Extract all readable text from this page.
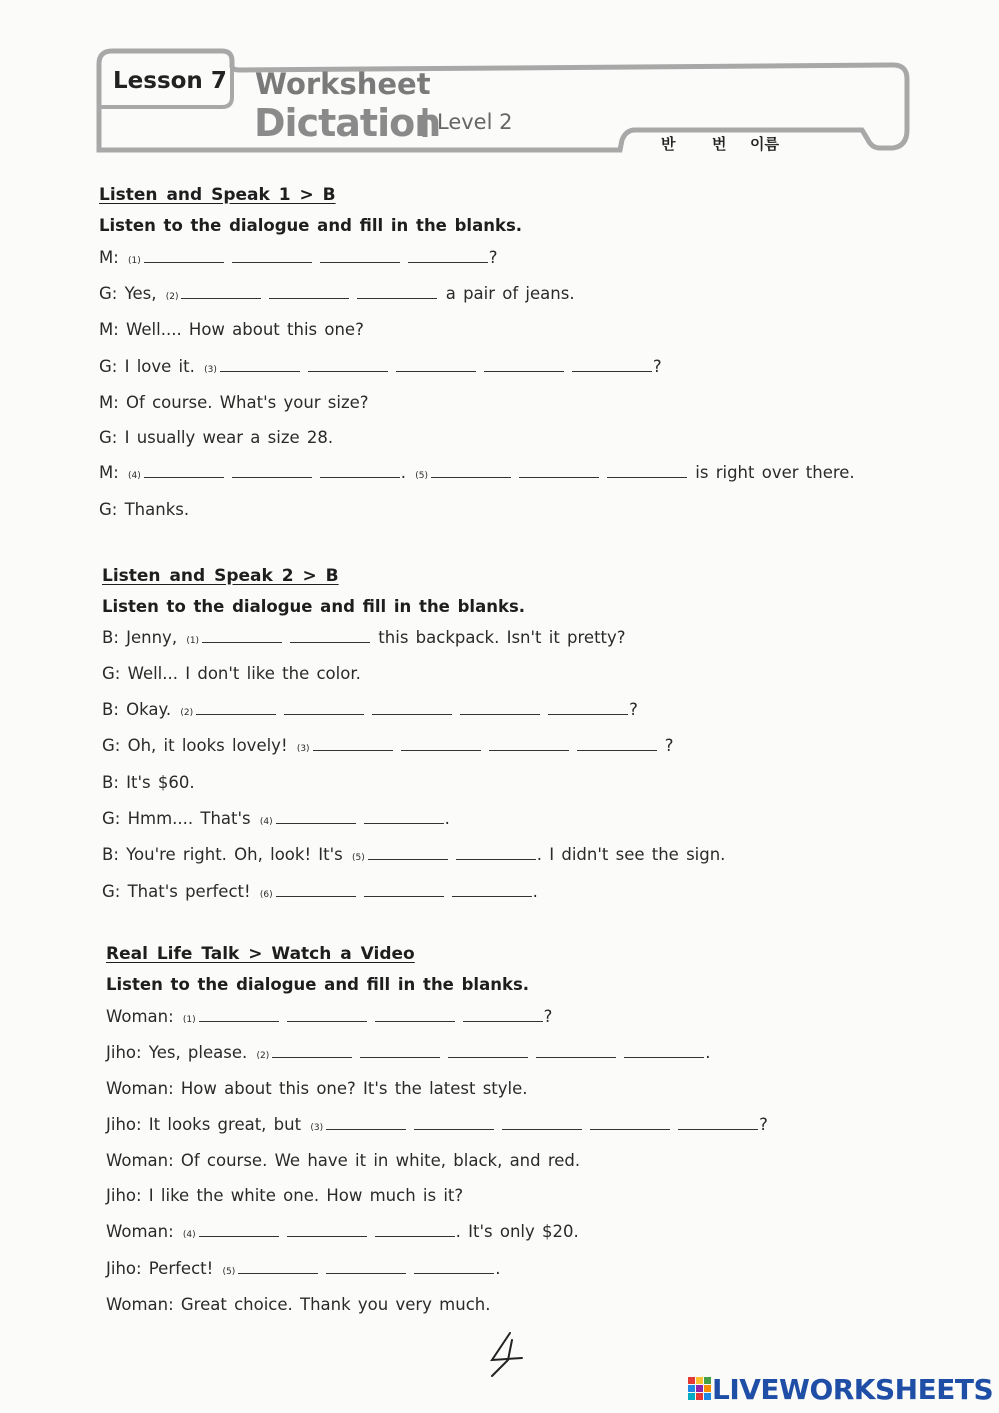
Lesson 7 Worksheet
Dictation
Level 2
반 번 이름
Listen and Speak 1 > B
Listen to the dialogue and fill in the blanks.
M: (1)	?
G: Yes, (2)	a pair of jeans.
M: Well.... How about this one?
G: I love it. (3)	?
M: Of course. What's your size?
G: I usually wear a size 28.
M: (4)	. (5)	is right over there.
G: Thanks.
Listen and Speak 2 > B
Listen to the dialogue and fill in the blanks.
B: Jenny, (1)	this backpack. Isn't it pretty?
G: Well... I don't like the color.
B: Okay. (2)	?
G: Oh, it looks lovely! (3)	?
B: It's $60.
G: Hmm.... That's (4)	.
B: You're right. Oh, look! It's (5)	. I didn't see the sign.
G: That's perfect! (6)	.
Real Life Talk > Watch a Video
Listen to the dialogue and fill in the blanks.
Woman: (1)	?
Jiho: Yes, please. (2)	.
Woman: How about this one? It's the latest style.
Jiho: It looks great, but (3)	?
Woman: Of course. We have it in white, black, and red.
Jiho: I like the white one. How much is it?
Woman: (4)	. It's only $20.
Jiho: Perfect! (5)	.
Woman: Great choice. Thank you very much.
LIVEWORKSHEETS
